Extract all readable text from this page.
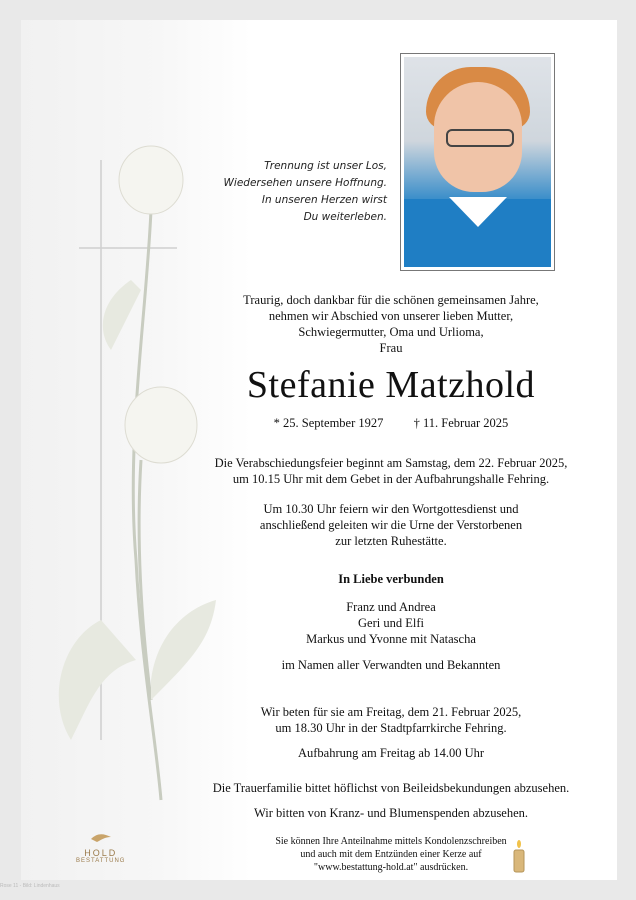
Trennung ist unser Los,
Wiedersehen unsere Hoffnung.
In unseren Herzen wirst
Du weiterleben.
Traurig, doch dankbar für die schönen gemeinsamen Jahre,
nehmen wir Abschied von unserer lieben Mutter,
Schwiegermutter, Oma und Urlioma,
Frau
Stefanie Matzhold
* 25. September 1927 † 11. Februar 2025
Die Verabschiedungsfeier beginnt am Samstag, dem 22. Februar 2025,
um 10.15 Uhr mit dem Gebet in der Aufbahrungshalle Fehring.
Um 10.30 Uhr feiern wir den Wortgottesdienst und
anschließend geleiten wir die Urne der Verstorbenen
zur letzten Ruhestätte.
In Liebe verbunden
Franz und Andrea
Geri und Elfi
Markus und Yvonne mit Natascha
im Namen aller Verwandten und Bekannten
Wir beten für sie am Freitag, dem 21. Februar 2025,
um 18.30 Uhr in der Stadtpfarrkirche Fehring.
Aufbahrung am Freitag ab 14.00 Uhr
Die Trauerfamilie bittet höflichst von Beileidsbekundungen abzusehen.
Wir bitten von Kranz- und Blumenspenden abzusehen.
Sie können Ihre Anteilnahme mittels Kondolenzschreiben
und auch mit dem Entzünden einer Kerze auf
"www.bestattung-hold.at" ausdrücken.
HOLD
BESTATTUNG
Rose 11 - Bild: Lindenhaus
